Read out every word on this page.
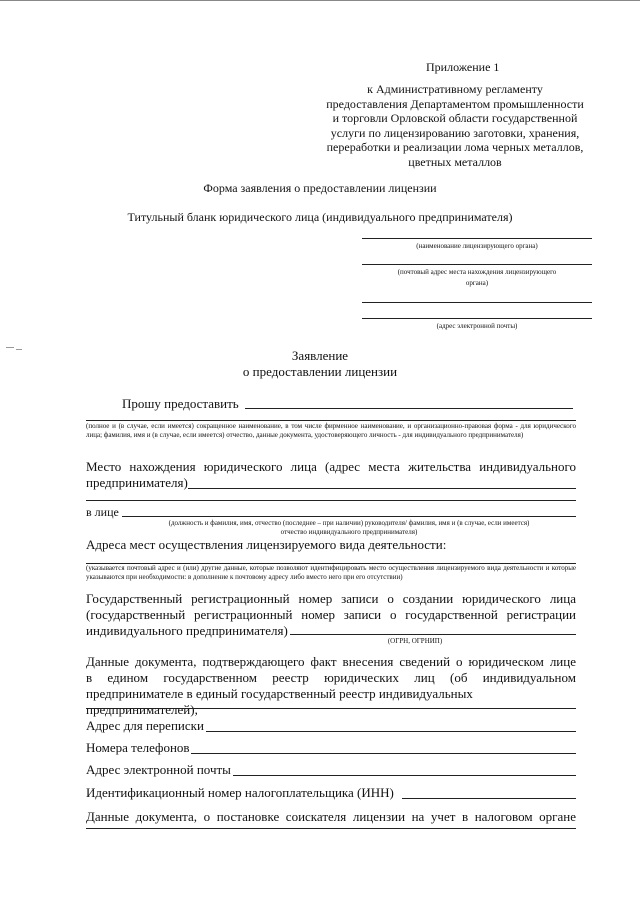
Приложение 1
к Административному регламенту
предоставления Департаментом промышленности
и торговли Орловской области государственной
услуги по лицензированию заготовки, хранения,
переработки и реализации лома черных металлов,
цветных металлов
Форма заявления о предоставлении лицензии
Титульный бланк юридического лица (индивидуального предпринимателя)
(наименование лицензирующего органа)
(почтовый адрес места нахождения лицензирующего
органа)
(адрес электронной почты)
Заявление
о предоставлении лицензии
Прошу предоставить
(полное и (в случае, если имеется) сокращенное наименование, в том числе фирменное наименование, и организационно-правовая форма - для юридического лица; фамилия, имя и (в случае, если имеется) отчество, данные документа, удостоверяющего личность - для индивидуального предпринимателя)
Место нахождения юридического лица (адрес места жительства индивидуального
предпринимателя)
в лице
(должность и фамилия, имя, отчество (последнее – при наличии) руководителя/ фамилия, имя и (в случае, если имеется)
отчество индивидуального предпринимателя)
Адреса мест осуществления лицензируемого вида деятельности:
(указывается почтовый адрес и (или) другие данные, которые позволяют идентифицировать место осуществления лицензируемого вида деятельности и которые указываются при необходимости: в дополнение к почтовому адресу либо вместо него при его отсутствии)
Государственный регистрационный номер записи о создании юридического лица
(государственный регистрационный номер записи о государственной регистрации
индивидуального предпринимателя)
(ОГРН, ОГРНИП)
Данные документа, подтверждающего факт внесения сведений о юридическом лице
в едином государственном реестр юридических лиц (об индивидуальном
предпринимателе в единый государственный реестр индивидуальных предпринимателей),
Адрес для переписки
Номера телефонов
Адрес электронной почты
Идентификационный номер налогоплательщика (ИНН)
Данные документа, о постановке соискателя лицензии на учет в налоговом органе
